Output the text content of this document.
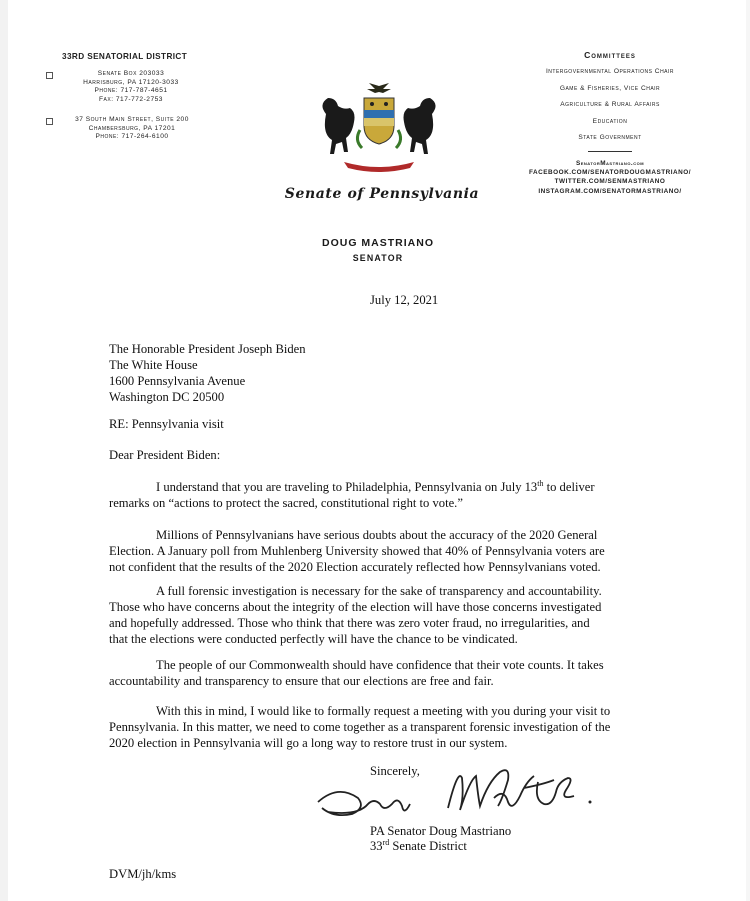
33RD SENATORIAL DISTRICT
Senate Box 203033
Harrisburg, PA 17120-3033
Phone: 717-787-4651
Fax: 717-772-2753
37 South Main Street, Suite 200
Chambersburg, PA 17201
Phone: 717-264-6100
Senate of Pennsylvania
Committees
Intergovernmental Operations Chair
Game & Fisheries, Vice Chair
Agriculture & Rural Affairs
Education
State Government
SenatorMastriano.com
FACEBOOK.COM/SENATORDOUGMASTRIANO/
TWITTER.COM/SENMASTRIANO
INSTAGRAM.COM/SENATORMASTRIANO/
DOUG MASTRIANO
SENATOR
July 12, 2021
The Honorable President Joseph Biden
The White House
1600 Pennsylvania Avenue
Washington DC 20500
RE: Pennsylvania visit
Dear President Biden:
I understand that you are traveling to Philadelphia, Pennsylvania on July 13th to deliver
remarks on “actions to protect the sacred, constitutional right to vote.”
Millions of Pennsylvanians have serious doubts about the accuracy of the 2020 General
Election. A January poll from Muhlenberg University showed that 40% of Pennsylvania voters are
not confident that the results of the 2020 Election accurately reflected how Pennsylvanians voted.
A full forensic investigation is necessary for the sake of transparency and accountability.
Those who have concerns about the integrity of the election will have those concerns investigated
and hopefully addressed. Those who think that there was zero voter fraud, no irregularities, and
that the elections were conducted perfectly will have the chance to be vindicated.
The people of our Commonwealth should have confidence that their vote counts. It takes
accountability and transparency to ensure that our elections are free and fair.
With this in mind, I would like to formally request a meeting with you during your visit to
Pennsylvania. In this matter, we need to come together as a transparent forensic investigation of the
2020 election in Pennsylvania will go a long way to restore trust in our system.
Sincerely,
PA Senator Doug Mastriano
33rd Senate District
DVM/jh/kms
